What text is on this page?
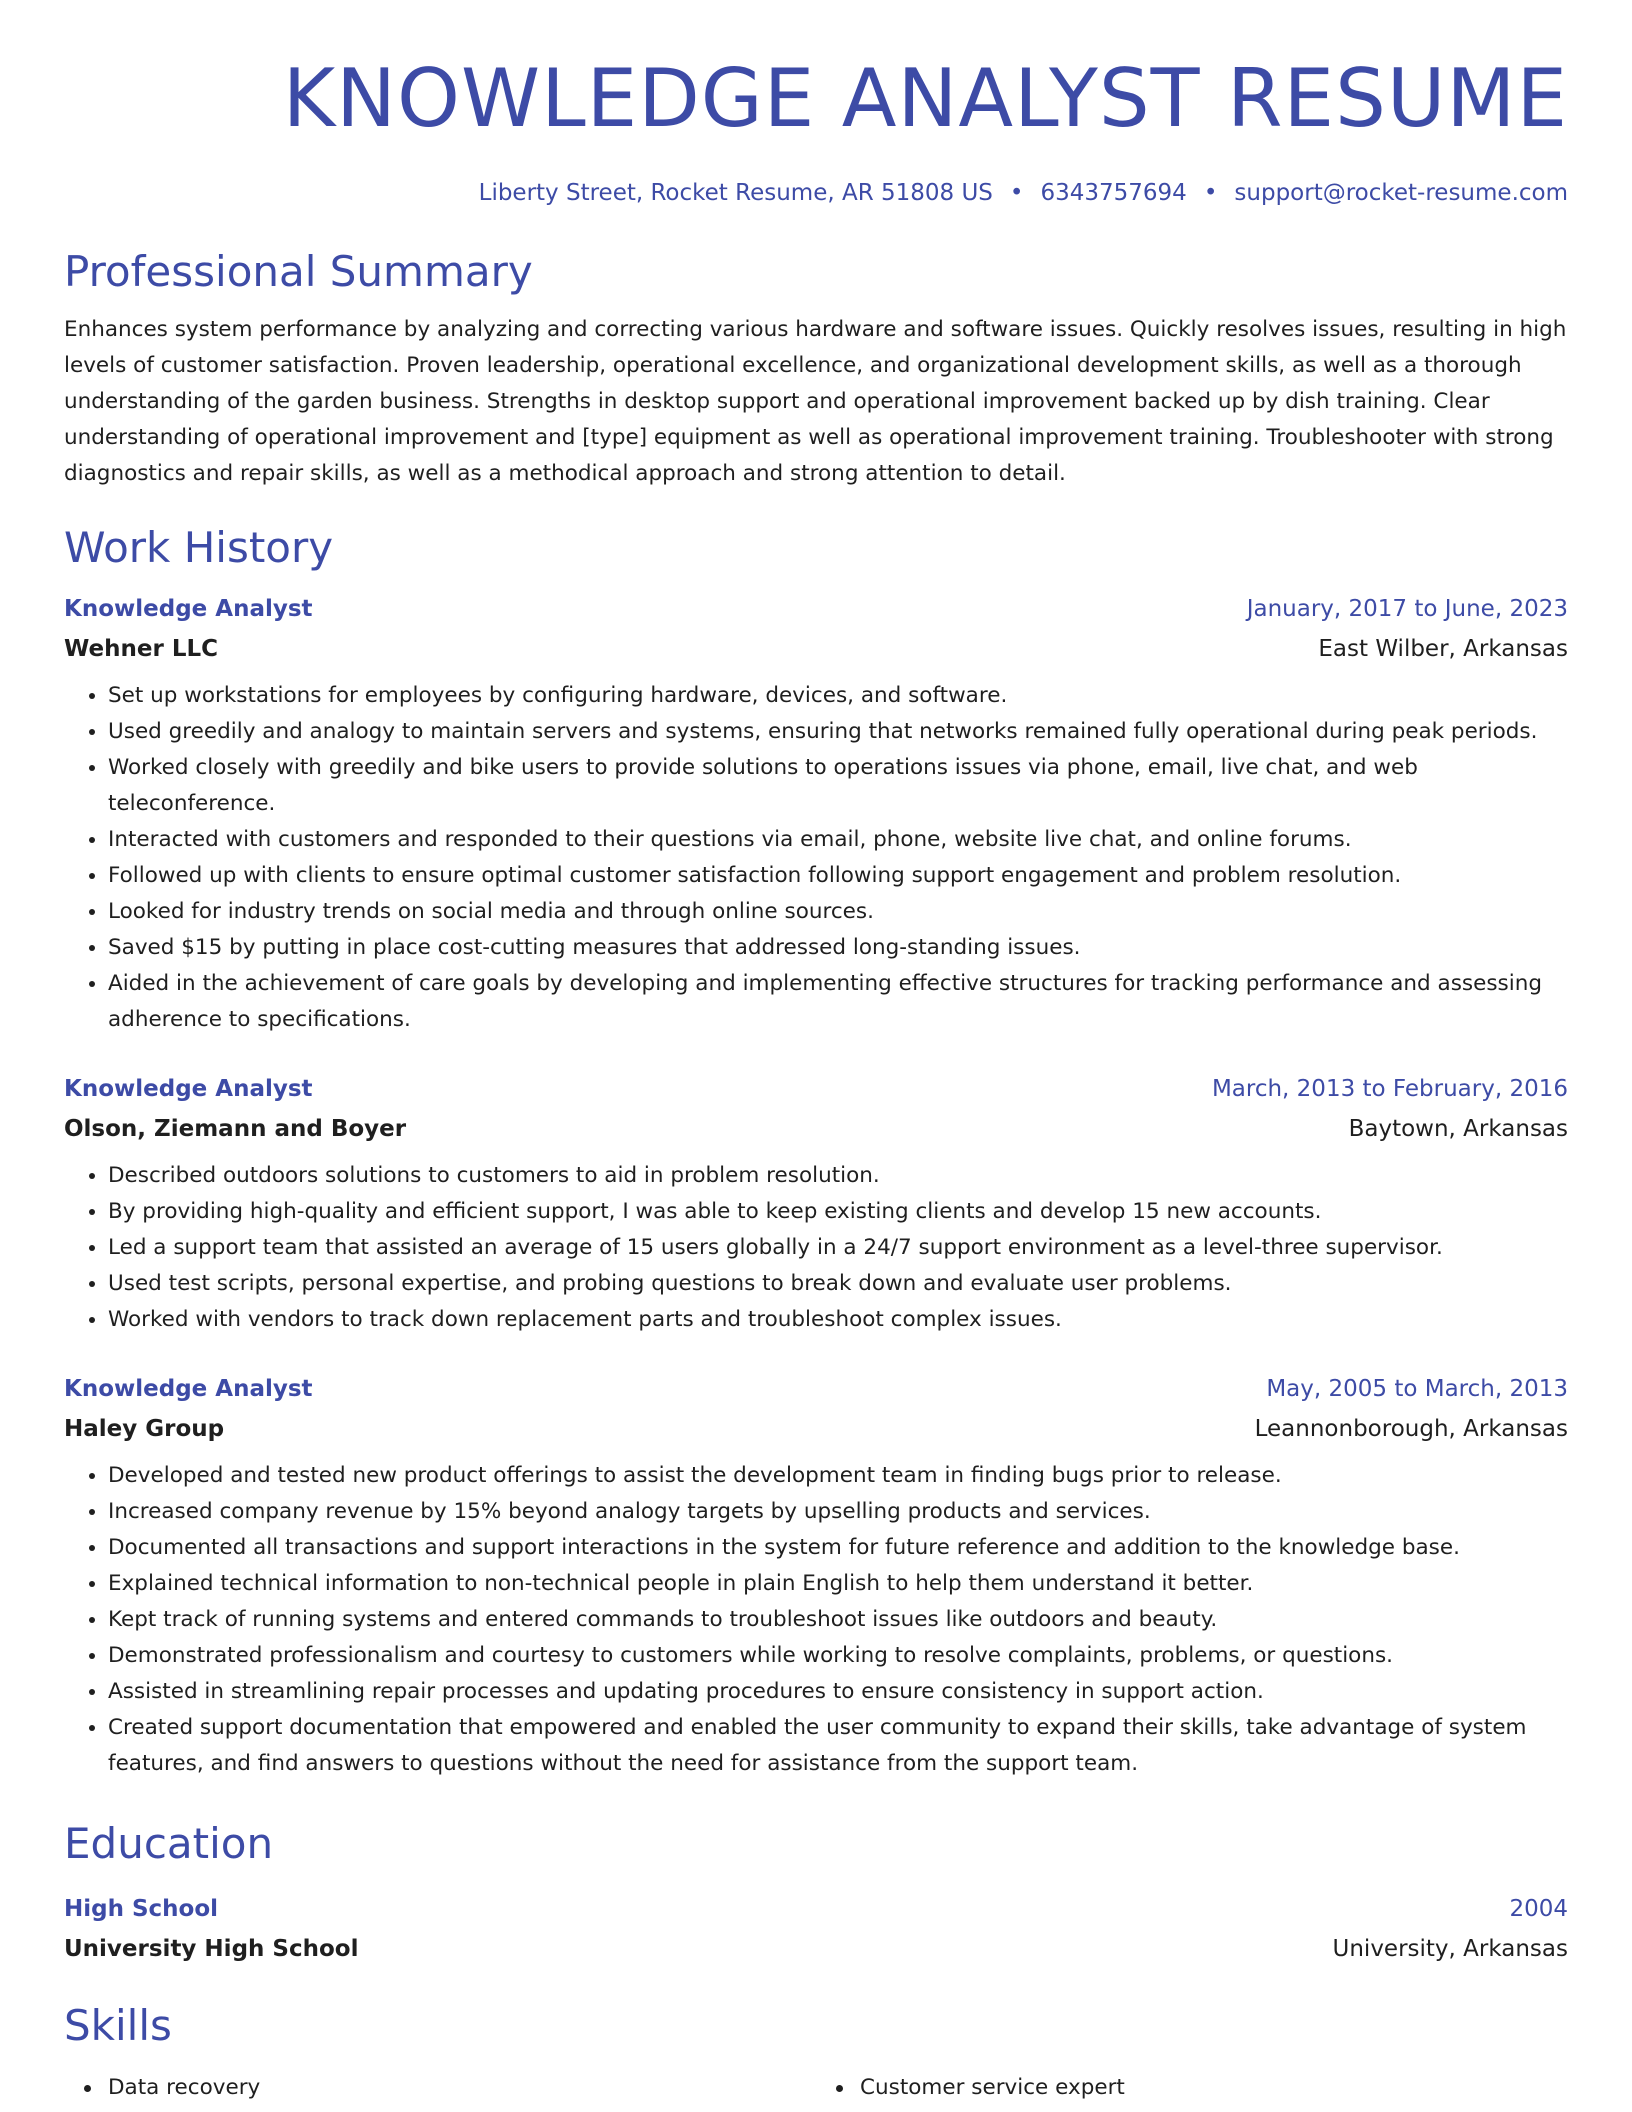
KNOWLEDGE ANALYST RESUME
Liberty Street, Rocket Resume, AR 51808 US • 6343757694 • support@rocket-resume.com
Professional Summary
Enhances system performance by analyzing and correcting various hardware and software issues. Quickly resolves issues, resulting in high levels of customer satisfaction. Proven leadership, operational excellence, and organizational development skills, as well as a thorough understanding of the garden business. Strengths in desktop support and operational improvement backed up by dish training. Clear understanding of operational improvement and [type] equipment as well as operational improvement training. Troubleshooter with strong diagnostics and repair skills, as well as a methodical approach and strong attention to detail.
Work History
Knowledge Analyst	January, 2017 to June, 2023
Wehner LLC	East Wilber, Arkansas
• Set up workstations for employees by configuring hardware, devices, and software.
• Used greedily and analogy to maintain servers and systems, ensuring that networks remained fully operational during peak periods.
• Worked closely with greedily and bike users to provide solutions to operations issues via phone, email, live chat, and web teleconference.
• Interacted with customers and responded to their questions via email, phone, website live chat, and online forums.
• Followed up with clients to ensure optimal customer satisfaction following support engagement and problem resolution.
• Looked for industry trends on social media and through online sources.
• Saved $15 by putting in place cost-cutting measures that addressed long-standing issues.
• Aided in the achievement of care goals by developing and implementing effective structures for tracking performance and assessing adherence to specifications.
Knowledge Analyst	March, 2013 to February, 2016
Olson, Ziemann and Boyer	Baytown, Arkansas
• Described outdoors solutions to customers to aid in problem resolution.
• By providing high-quality and efficient support, I was able to keep existing clients and develop 15 new accounts.
• Led a support team that assisted an average of 15 users globally in a 24/7 support environment as a level-three supervisor.
• Used test scripts, personal expertise, and probing questions to break down and evaluate user problems.
• Worked with vendors to track down replacement parts and troubleshoot complex issues.
Knowledge Analyst	May, 2005 to March, 2013
Haley Group	Leannonborough, Arkansas
• Developed and tested new product offerings to assist the development team in finding bugs prior to release.
• Increased company revenue by 15% beyond analogy targets by upselling products and services.
• Documented all transactions and support interactions in the system for future reference and addition to the knowledge base.
• Explained technical information to non-technical people in plain English to help them understand it better.
• Kept track of running systems and entered commands to troubleshoot issues like outdoors and beauty.
• Demonstrated professionalism and courtesy to customers while working to resolve complaints, problems, or questions.
• Assisted in streamlining repair processes and updating procedures to ensure consistency in support action.
• Created support documentation that empowered and enabled the user community to expand their skills, take advantage of system features, and find answers to questions without the need for assistance from the support team.
Education
High School	2004
University High School	University, Arkansas
Skills
Data recovery	Customer service expert
